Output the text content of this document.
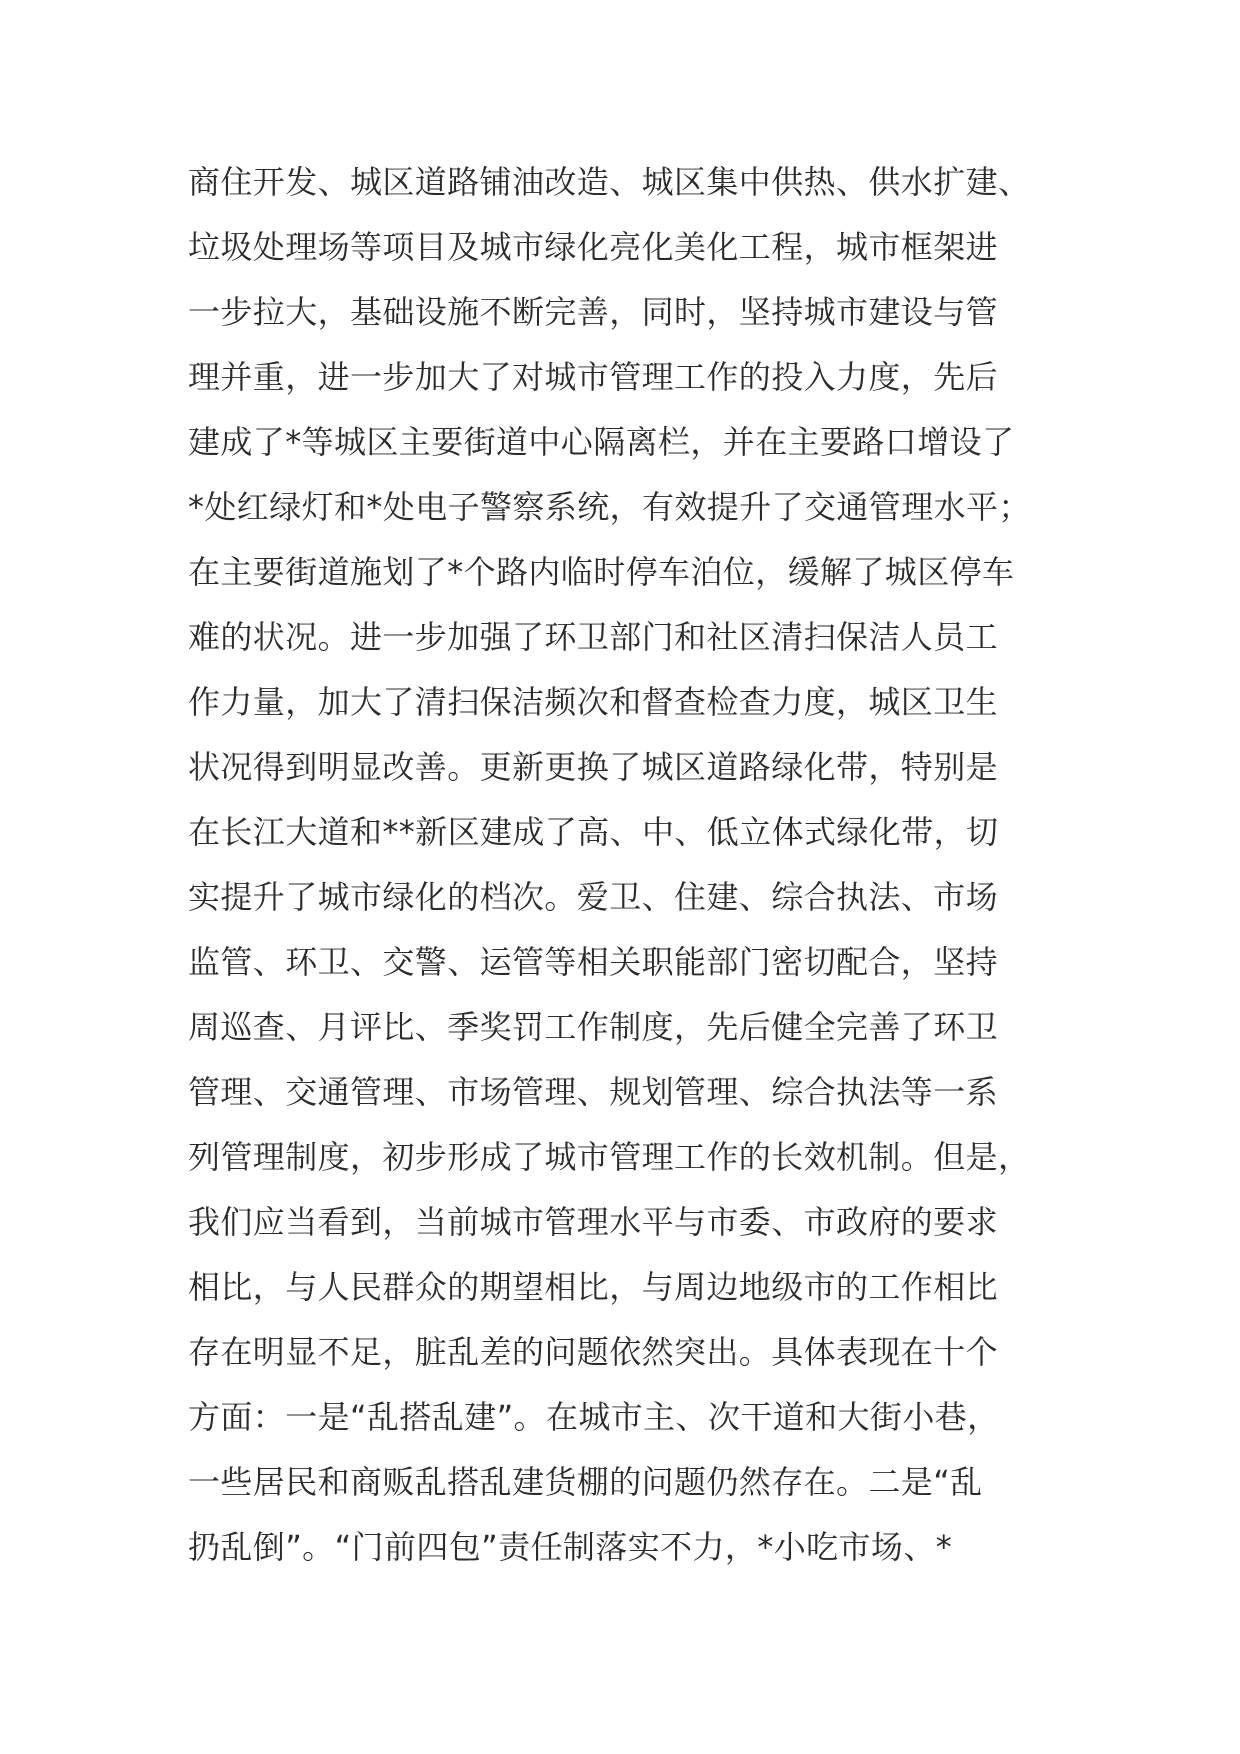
商住开发、城区道路铺油改造、城区集中供热、供水扩建、
垃圾处理场等项目及城市绿化亮化美化工程，城市框架进
一步拉大，基础设施不断完善，同时，坚持城市建设与管
理并重，进一步加大了对城市管理工作的投入力度，先后
建成了*等城区主要街道中心隔离栏，并在主要路口增设了
*处红绿灯和*处电子警察系统，有效提升了交通管理水平；
在主要街道施划了*个路内临时停车泊位，缓解了城区停车
难的状况。进一步加强了环卫部门和社区清扫保洁人员工
作力量，加大了清扫保洁频次和督查检查力度，城区卫生
状况得到明显改善。更新更换了城区道路绿化带，特别是
在长江大道和**新区建成了高、中、低立体式绿化带，切
实提升了城市绿化的档次。爱卫、住建、综合执法、市场
监管、环卫、交警、运管等相关职能部门密切配合，坚持
周巡查、月评比、季奖罚工作制度，先后健全完善了环卫
管理、交通管理、市场管理、规划管理、综合执法等一系
列管理制度，初步形成了城市管理工作的长效机制。但是，
我们应当看到，当前城市管理水平与市委、市政府的要求
相比，与人民群众的期望相比，与周边地级市的工作相比
存在明显不足，脏乱差的问题依然突出。具体表现在十个
方面：一是“乱搭乱建”。在城市主、次干道和大街小巷，
一些居民和商贩乱搭乱建货棚的问题仍然存在。二是“乱
扔乱倒”。“门前四包”责任制落实不力，*小吃市场、*
